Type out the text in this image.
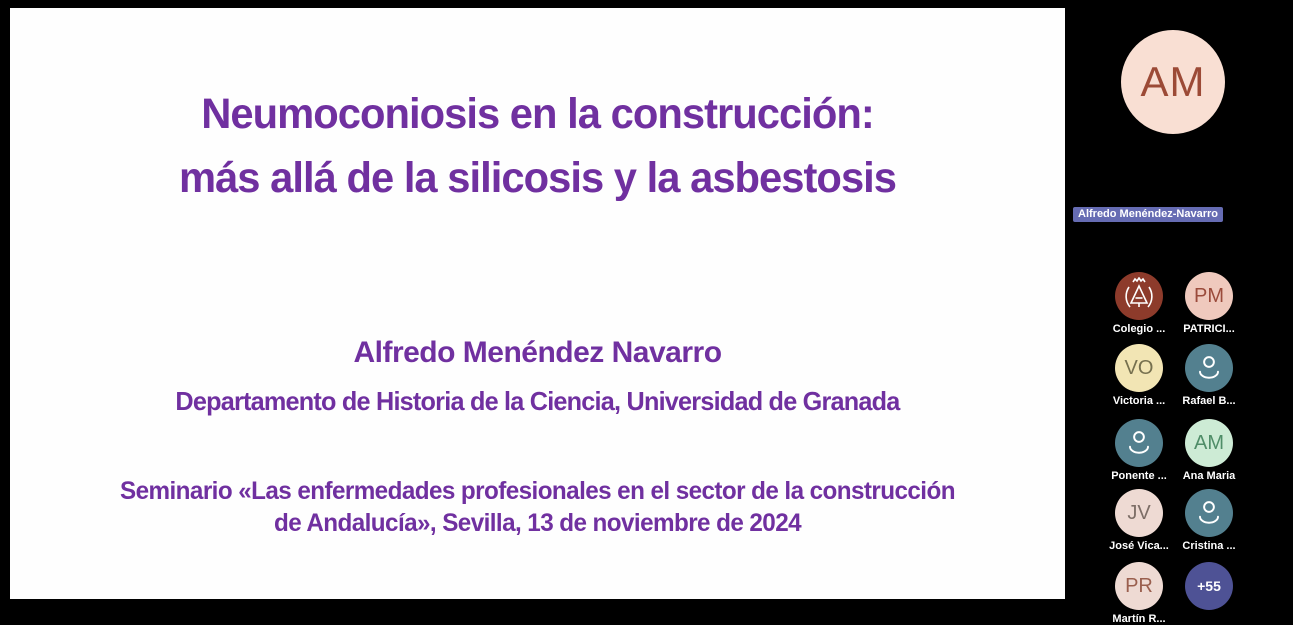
Neumoconiosis en la construcción:
más allá de la silicosis y la asbestosis
Alfredo Menéndez Navarro
Departamento de Historia de la Ciencia, Universidad de Granada
Seminario «Las enfermedades profesionales en el sector de la construcción
de Andalucía», Sevilla, 13 de noviembre de 2024
AM
Alfredo Menéndez-Navarro
Colegio ...
PM
PATRICI...
VO
Victoria ...	Rafael B...
Ponente ...
AM
Ana Maria
JV
José Vica...	Cristina ...
PR
Martín R...
+55
